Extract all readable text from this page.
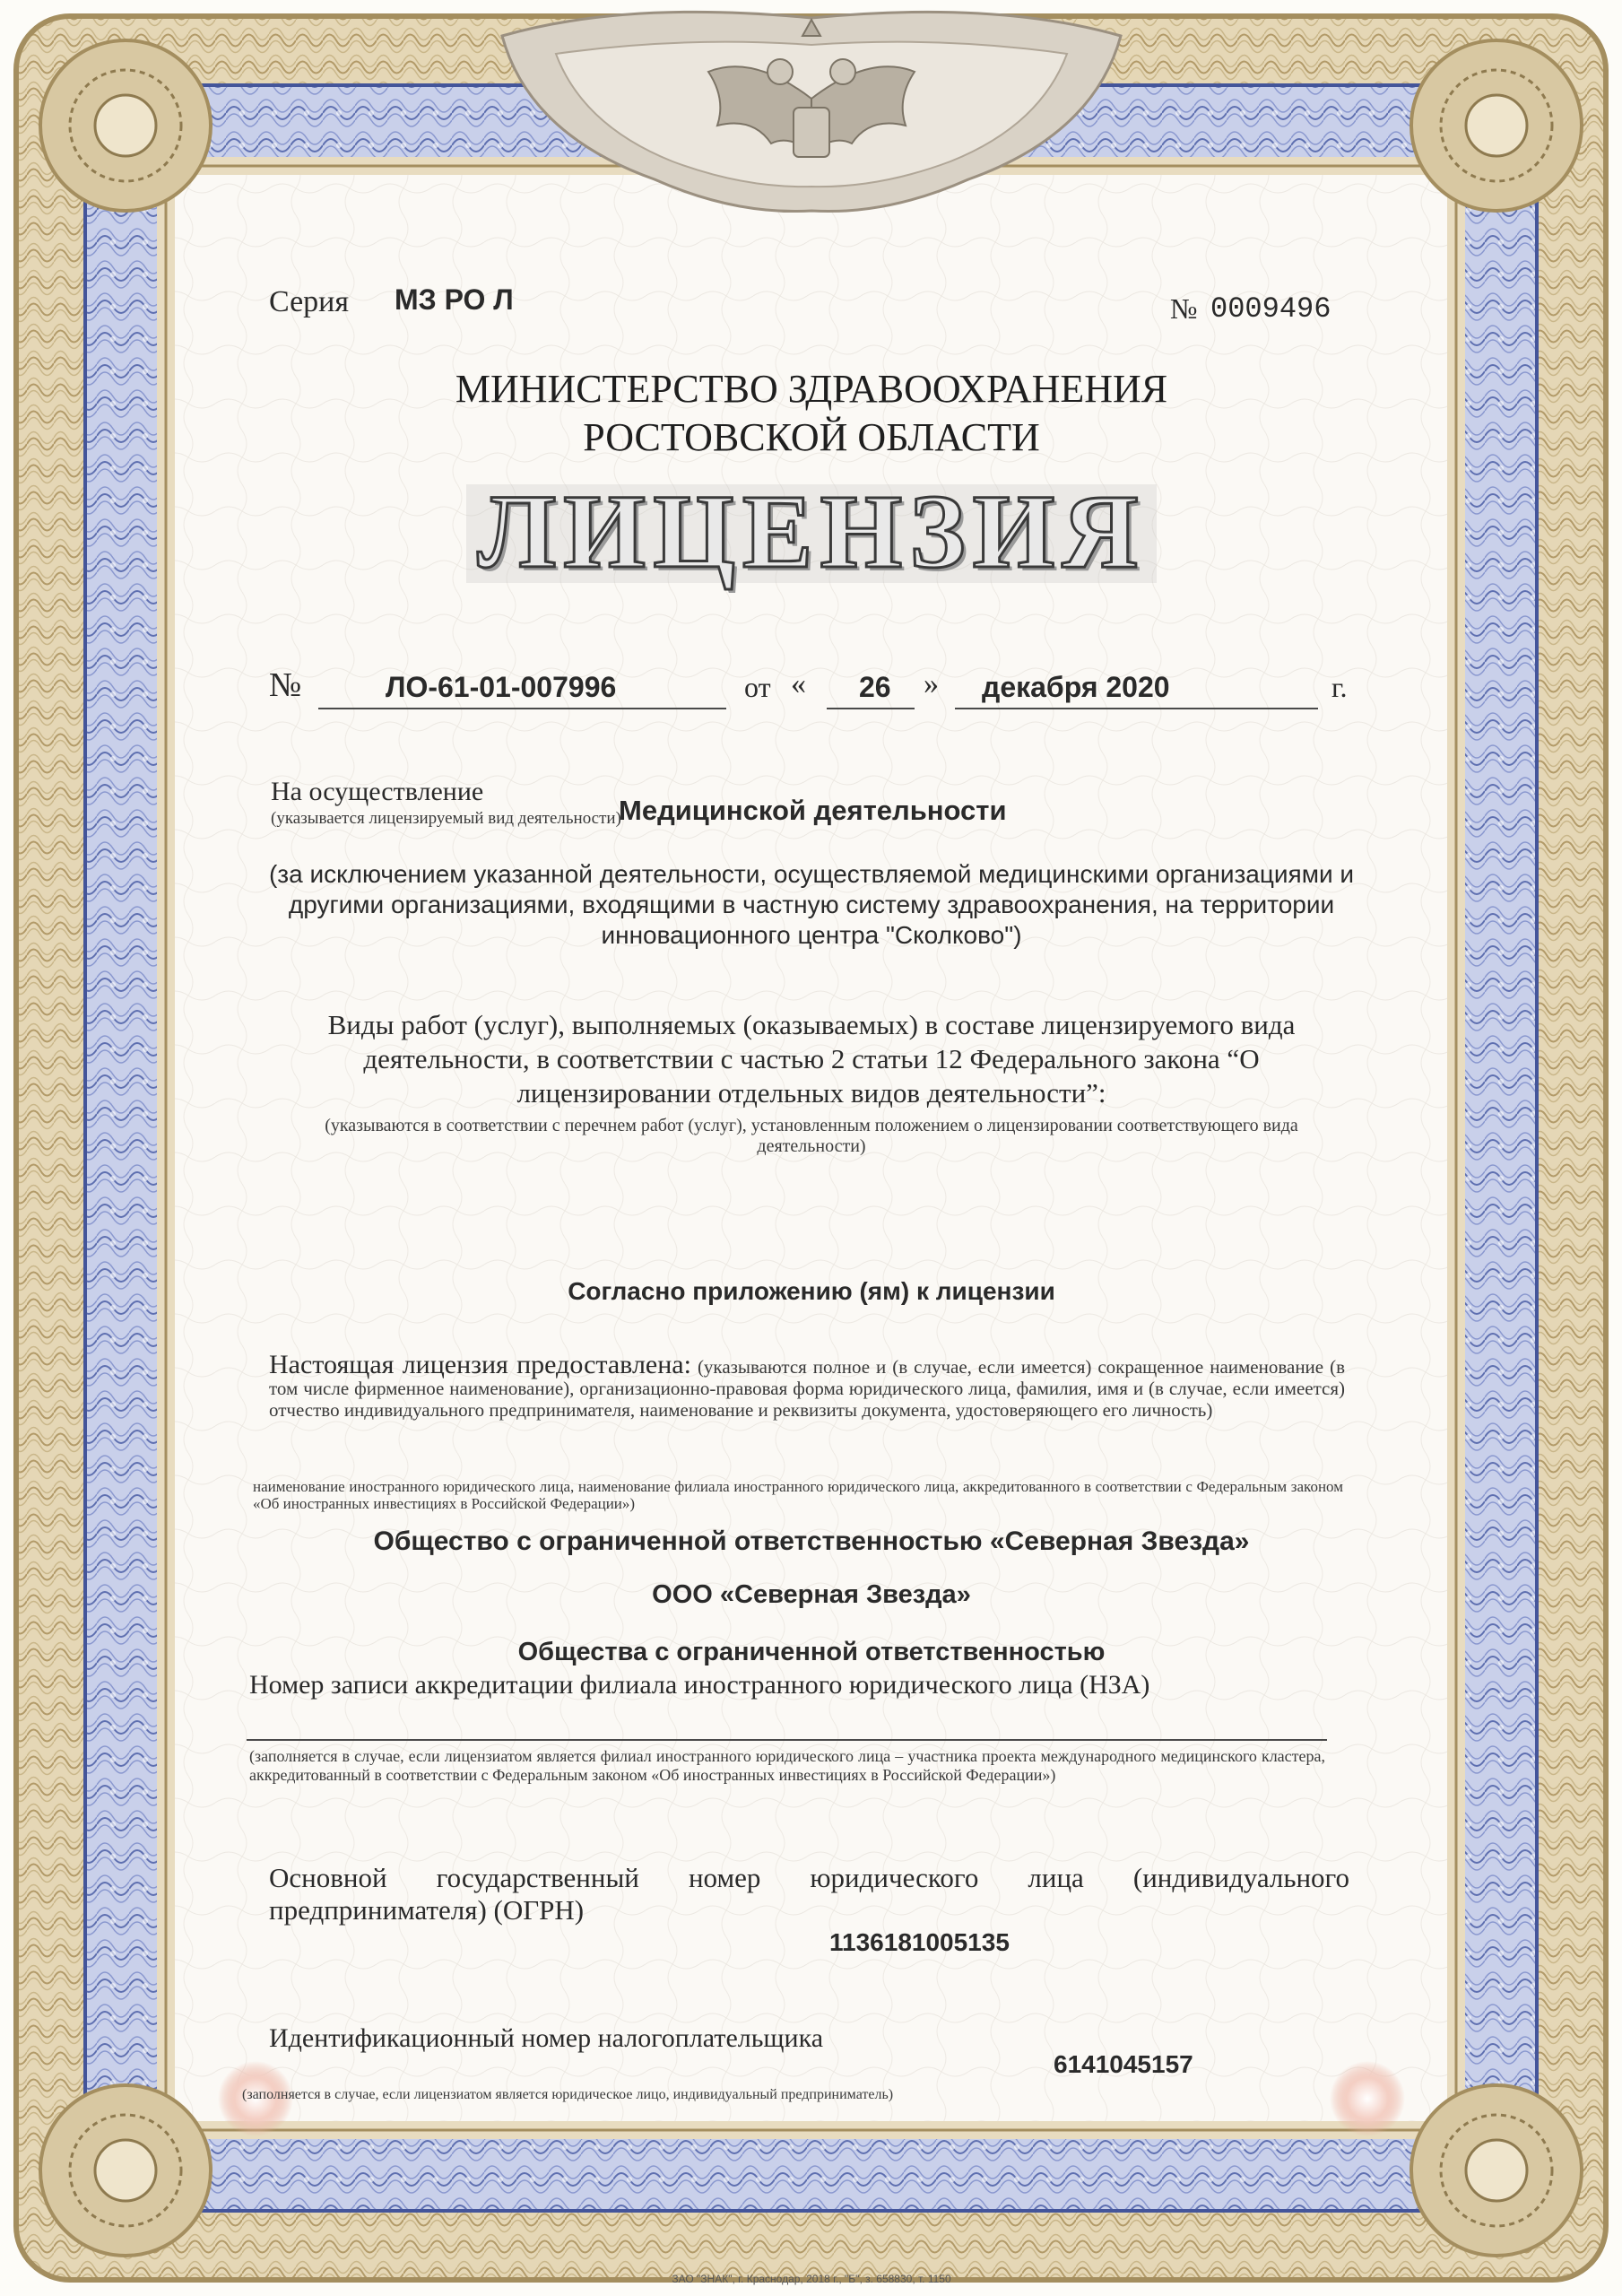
Серия МЗ РО Л	№ 0009496
МИНИСТЕРСТВО ЗДРАВООХРАНЕНИЯ
РОСТОВСКОЙ ОБЛАСТИ
ЛИЦЕНЗИЯ
№	ЛО-61-01-007996	от « 26 » декабря 2020	г.
На осуществление
(указывается лицензируемый вид деятельности)
Медицинской деятельности
(за исключением указанной деятельности, осуществляемой медицинскими организациями и другими организациями, входящими в частную систему здравоохранения, на территории инновационного центра "Сколково")
Виды работ (услуг), выполняемых (оказываемых) в составе лицензируемого вида деятельности, в соответствии с частью 2 статьи 12 Федерального закона “О лицензировании отдельных видов деятельности”:
(указываются в соответствии с перечнем работ (услуг), установленным положением о лицензировании соответствующего вида деятельности)
Согласно приложению (ям) к лицензии
Настоящая лицензия предоставлена: (указываются полное и (в случае, если имеется) сокращенное наименование (в том числе фирменное наименование), организационно-правовая форма юридического лица, фамилия, имя и (в случае, если имеется) отчество индивидуального предпринимателя, наименование и реквизиты документа, удостоверяющего его личность)
наименование иностранного юридического лица, наименование филиала иностранного юридического лица, аккредитованного в соответствии с Федеральным законом «Об иностранных инвестициях в Российской Федерации»)
Общество с ограниченной ответственностью «Северная Звезда»
ООО «Северная Звезда»
Общества с ограниченной ответственностью
Номер записи аккредитации филиала иностранного юридического лица (НЗА)
(заполняется в случае, если лицензиатом является филиал иностранного юридического лица – участника проекта международного медицинского кластера, аккредитованный в соответствии с Федеральным законом «Об иностранных инвестициях в Российской Федерации»)
Основной государственный номер юридического лица (индивидуального предпринимателя) (ОГРН)
1136181005135
Идентификационный номер налогоплательщика
6141045157
(заполняется в случае, если лицензиатом является юридическое лицо, индивидуальный предприниматель)
ЗАО "ЗНАК", г. Краснодар, 2018 г., "Б", з. 658830, т. 1150
